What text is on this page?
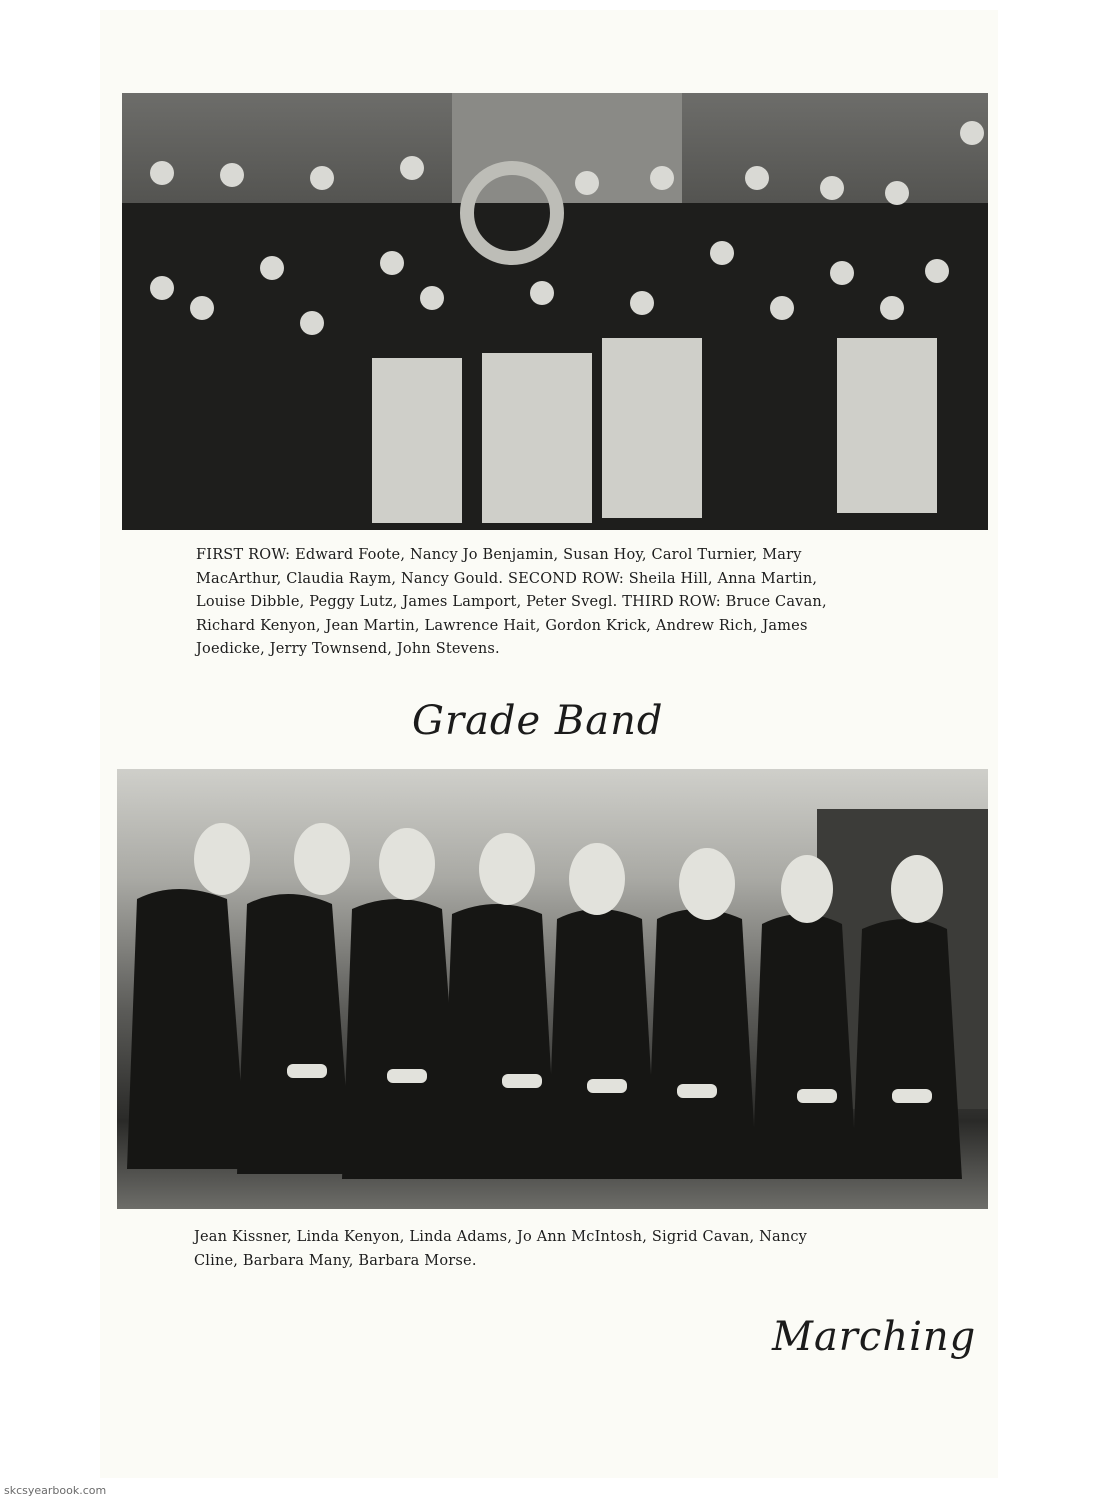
FIRST ROW: Edward Foote, Nancy Jo Benjamin, Susan Hoy, Carol Turnier, Mary
MacArthur, Claudia Raym, Nancy Gould. SECOND ROW: Sheila Hill, Anna Martin,
Louise Dibble, Peggy Lutz, James Lamport, Peter Svegl. THIRD ROW: Bruce Cavan,
Richard Kenyon, Jean Martin, Lawrence Hait, Gordon Krick, Andrew Rich, James
Joedicke, Jerry Townsend, John Stevens.
Grade Band
Jean Kissner, Linda Kenyon, Linda Adams, Jo Ann McIntosh, Sigrid Cavan, Nancy
Cline, Barbara Many, Barbara Morse.
Marching
skcsyearbook.com
